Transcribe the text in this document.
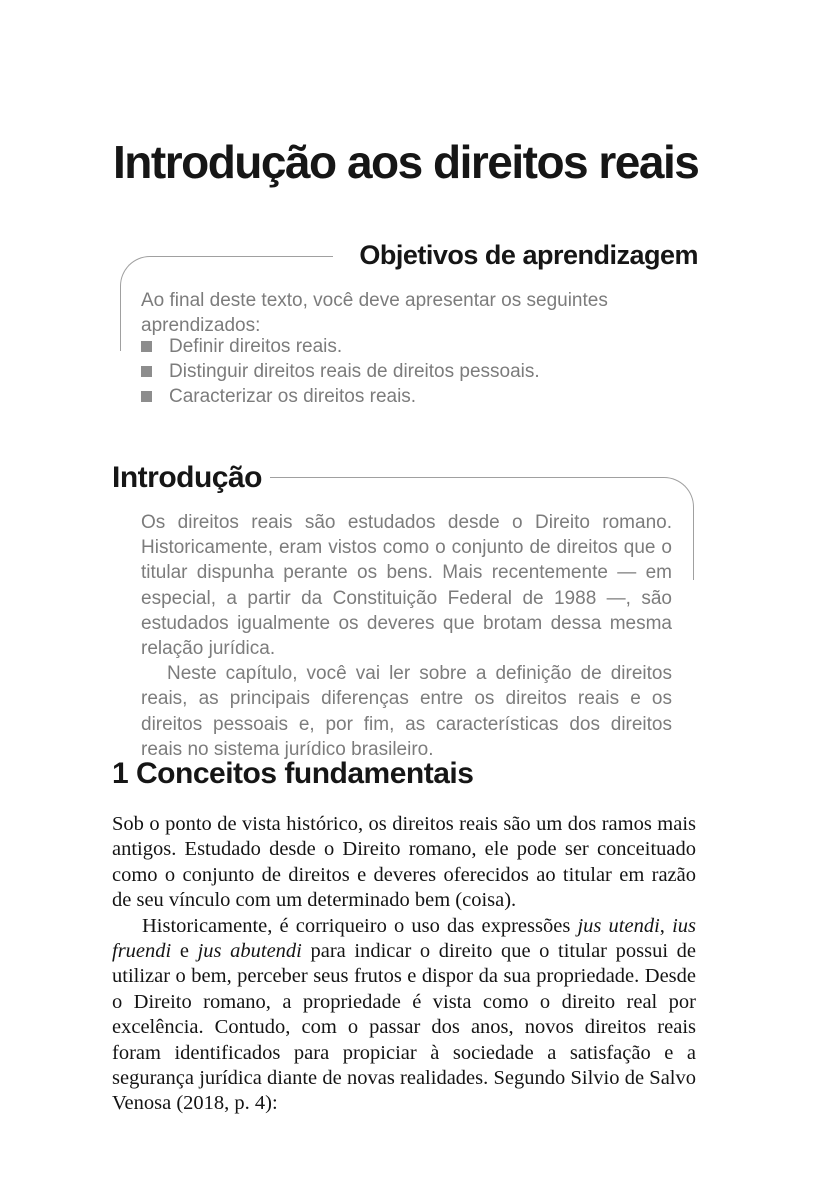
Introdução aos direitos reais
Objetivos de aprendizagem

Ao final deste texto, você deve apresentar os seguintes aprendizados:

Definir direitos reais.
Distinguir direitos reais de direitos pessoais.
Caracterizar os direitos reais.
Introdução

Os direitos reais são estudados desde o Direito romano. Historicamente, eram vistos como o conjunto de direitos que o titular dispunha perante os bens. Mais recentemente — em especial, a partir da Constituição Federal de 1988 —, são estudados igualmente os deveres que brotam dessa mesma relação jurídica.

Neste capítulo, você vai ler sobre a definição de direitos reais, as principais diferenças entre os direitos reais e os direitos pessoais e, por fim, as características dos direitos reais no sistema jurídico brasileiro.

1 Conceitos fundamentais

Sob o ponto de vista histórico, os direitos reais são um dos ramos mais antigos. Estudado desde o Direito romano, ele pode ser conceituado como o conjunto de direitos e deveres oferecidos ao titular em razão de seu vínculo com um determinado bem (coisa).

Historicamente, é corriqueiro o uso das expressões jus utendi, ius fruendi e jus abutendi para indicar o direito que o titular possui de utilizar o bem, perceber seus frutos e dispor da sua propriedade. Desde o Direito romano, a propriedade é vista como o direito real por excelência. Contudo, com o passar dos anos, novos direitos reais foram identificados para propiciar à sociedade a satisfação e a segurança jurídica diante de novas realidades. Segundo Silvio de Salvo Venosa (2018, p. 4):
